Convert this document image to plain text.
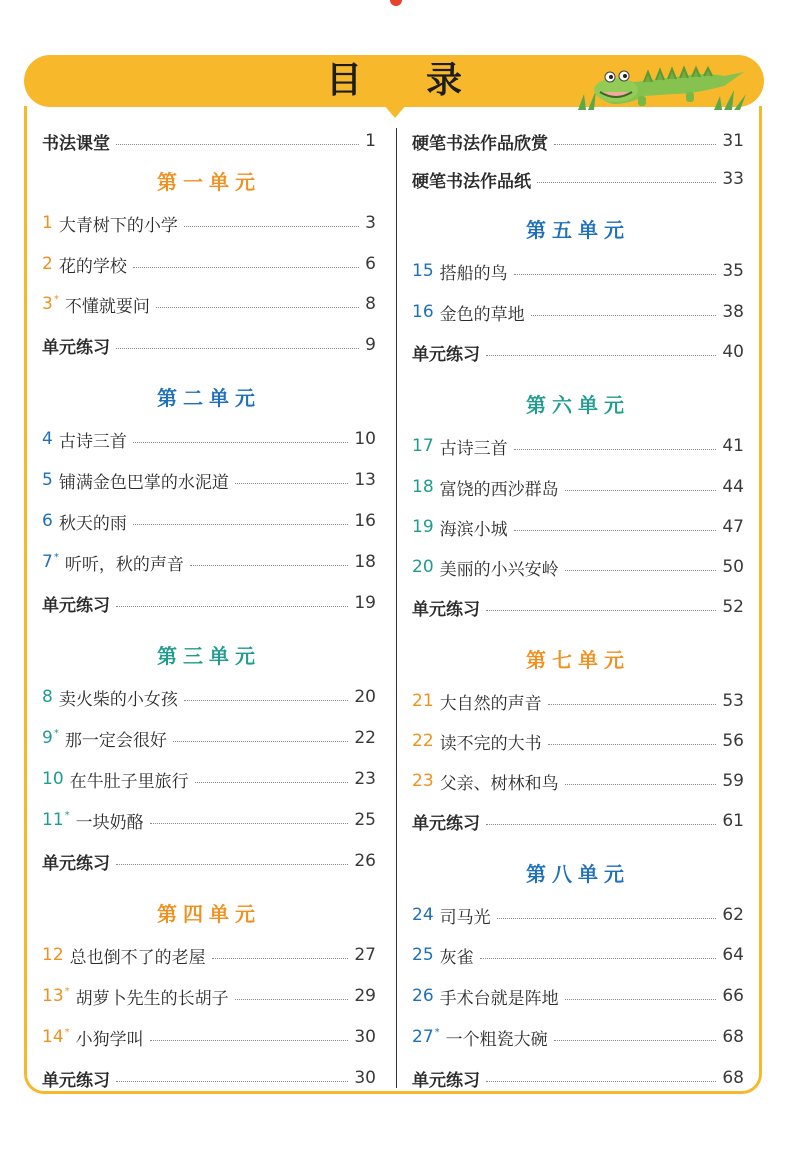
目录
书法课堂	1
第一单元
1 大青树下的小学	3
2 花的学校	6
3* 不懂就要问	8
单元练习	9
第二单元
4 古诗三首	10
5 铺满金色巴掌的水泥道	13
6 秋天的雨	16
7* 听听，秋的声音	18
单元练习	19
第三单元
8 卖火柴的小女孩	20
9* 那一定会很好	22
10 在牛肚子里旅行	23
11* 一块奶酪	25
单元练习	26
第四单元
12 总也倒不了的老屋	27
13* 胡萝卜先生的长胡子	29
14* 小狗学叫	30
单元练习	30
硬笔书法作品欣赏	31
硬笔书法作品纸	33
第五单元
15 搭船的鸟	35
16 金色的草地	38
单元练习	40
第六单元
17 古诗三首	41
18 富饶的西沙群岛	44
19 海滨小城	47
20 美丽的小兴安岭	50
单元练习	52
第七单元
21 大自然的声音	53
22 读不完的大书	56
23 父亲、树林和鸟	59
单元练习	61
第八单元
24 司马光	62
25 灰雀	64
26 手术台就是阵地	66
27* 一个粗瓷大碗	68
单元练习	68
